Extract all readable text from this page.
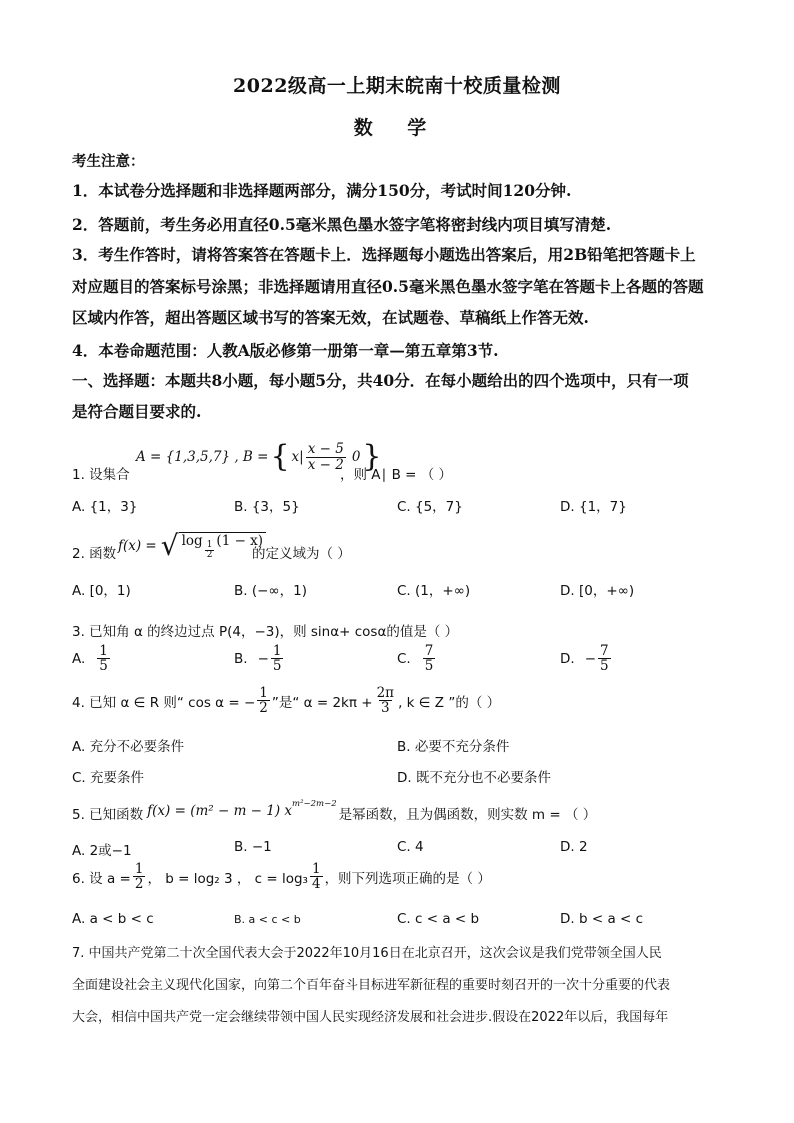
2022级高一上期末皖南十校质量检测
数 学
考生注意：
1．本试卷分选择题和非选择题两部分，满分150分，考试时间120分钟.
2．答题前，考生务必用直径0.5毫米黑色墨水签字笔将密封线内项目填写清楚.
3．考生作答时，请将答案答在答题卡上．选择题每小题选出答案后，用2B铅笔把答题卡上
对应题目的答案标号涂黑；非选择题请用直径0.5毫米黑色墨水签字笔在答题卡上各题的答题
区域内作答，超出答题区域书写的答案无效，在试题卷、草稿纸上作答无效.
4．本卷命题范围：人教A版必修第一册第一章—第五章第3节.
一、选择题：本题共8小题，每小题5分，共40分．在每小题给出的四个选项中，只有一项
是符合题目要求的.
1. 设集合
A = {1,3,5,7} , B = { $x| \frac{x - 5}{x - 2} 0$ }
，则 A∣ B = （ ）
A. {1，3}	B. {3，5}	C. {5，7}	D. {1，7}
2. 函数 f(x) = √ $\log \frac{1}{2} (1 - x)$
的定义域为（ ）
A. [0，1)	B. (−∞，1)	C. (1，+∞)	D. [0，+∞)
3. 已知角 α 的终边过点 P(4，−3)，则 sinα+ cosα的值是（ ）
A. $\frac{1}{5}$	B. − $\frac{1}{5}$	C. $\frac{7}{5}$	D. − $\frac{7}{5}$
4. 已知 α ∈ R 则“ cos α = − $\frac{1}{2}$ ”是“ $\alpha = 2k\pi + \frac{2\pi}{3}$ , k ∈ Z ”的（ ）
A. 充分不必要条件	B. 必要不充分条件
C. 充要条件	D. 既不充分也不必要条件
5. 已知函数 f(x) = (m² − m − 1) x m²−2m−2
是幂函数，且为偶函数，则实数 m = （ ）
A. 2或−1	B. −1	C. 4	D. 2
6. 设 $a = \frac{1}{2}$ ， b = log₂ 3 ， $c = \log_3 \frac{1}{4}$ ，则下列选项正确的是（ ）
A. a < b < c	B. a < c < b	C. c < a < b	D. b < a < c
7. 中国共产党第二十次全国代表大会于2022年10月16日在北京召开，这次会议是我们党带领全国人民
全面建设社会主义现代化国家，向第二个百年奋斗目标进军新征程的重要时刻召开的一次十分重要的代表
大会，相信中国共产党一定会继续带领中国人民实现经济发展和社会进步.假设在2022年以后，我国每年
